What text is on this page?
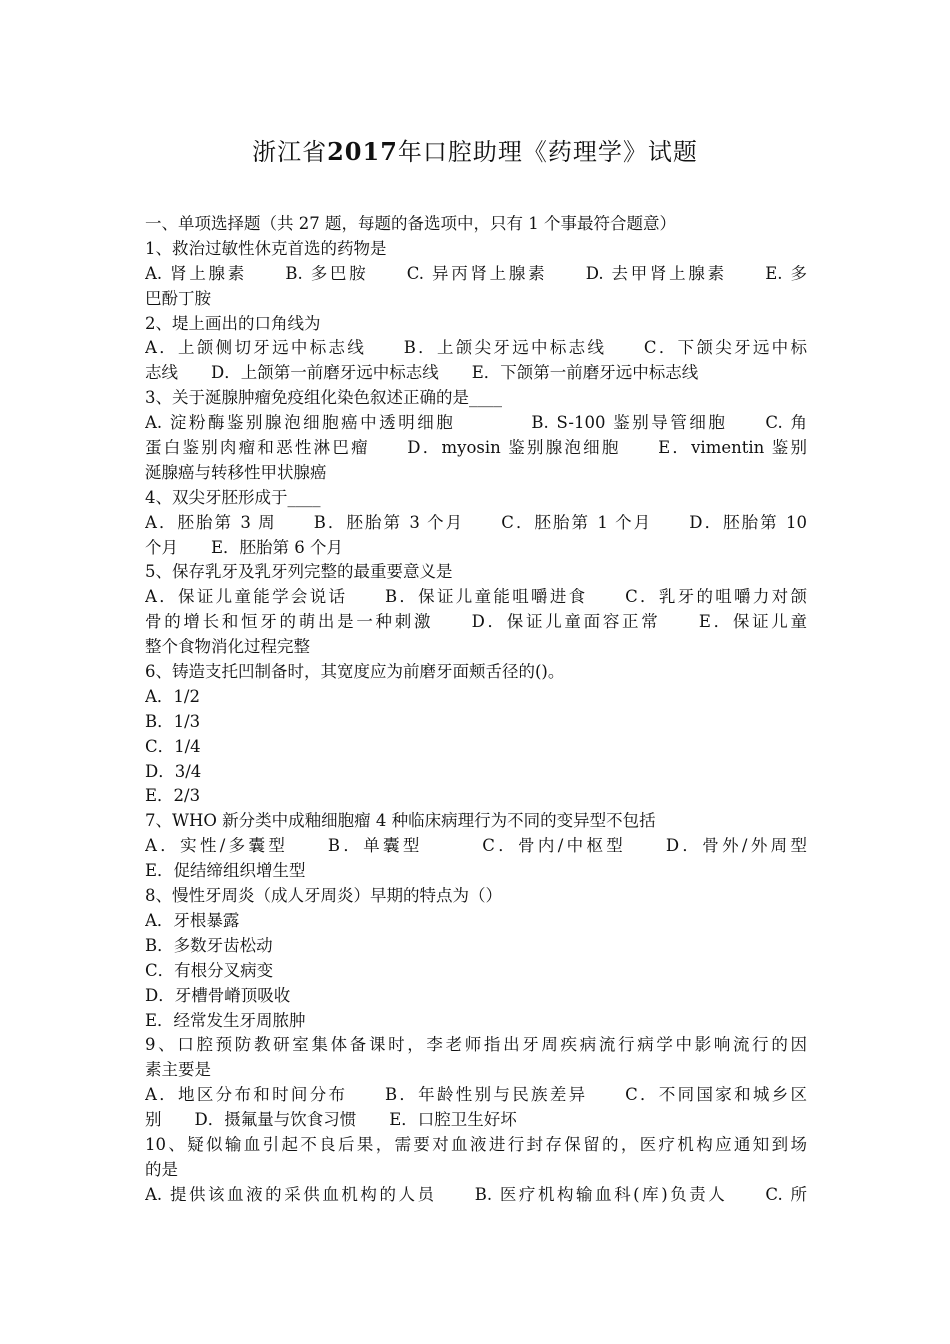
浙江省2017年口腔助理《药理学》试题
一、单项选择题（共 27 题，每题的备选项中，只有 1 个事最符合题意）
1、救治过敏性休克首选的药物是
A. 肾上腺素　　B. 多巴胺　　C. 异丙肾上腺素　　D. 去甲肾上腺素　　E. 多
巴酚丁胺
2、堤上画出的口角线为
A．上颌侧切牙远中标志线　　B．上颌尖牙远中标志线　　C．下颌尖牙远中标
志线　　D．上颌第一前磨牙远中标志线　　E．下颌第一前磨牙远中标志线
3、关于涎腺肿瘤免疫组化染色叙述正确的是____
A. 淀粉酶鉴别腺泡细胞癌中透明细胞　　　　B. S-100 鉴别导管细胞　　C. 角
蛋白鉴别肉瘤和恶性淋巴瘤　　D．myosin 鉴别腺泡细胞　　E．vimentin 鉴别
涎腺癌与转移性甲状腺癌
4、双尖牙胚形成于____
A．胚胎第 3 周　　B．胚胎第 3 个月　　C．胚胎第 1 个月　　D．胚胎第 10
个月　　E．胚胎第 6 个月
5、保存乳牙及乳牙列完整的最重要意义是
A．保证儿童能学会说话　　B．保证儿童能咀嚼进食　　C．乳牙的咀嚼力对颌
骨的增长和恒牙的萌出是一种刺激　　D．保证儿童面容正常　　E．保证儿童
整个食物消化过程完整
6、铸造支托凹制备时，其宽度应为前磨牙面颊舌径的()。
A．1/2
B．1/3
C．1/4
D．3/4
E．2/3
7、WHO 新分类中成釉细胞瘤 4 种临床病理行为不同的变异型不包括
A．实性/多囊型　　B．单囊型　　　C．骨内/中枢型　　D．骨外/外周型
E．促结缔组织增生型
8、慢性牙周炎（成人牙周炎）早期的特点为（）
A．牙根暴露
B．多数牙齿松动
C．有根分叉病变
D．牙槽骨嵴顶吸收
E．经常发生牙周脓肿
9、口腔预防教研室集体备课时，李老师指出牙周疾病流行病学中影响流行的因
素主要是
A．地区分布和时间分布　　B．年龄性别与民族差异　　C．不同国家和城乡区
别　　D．摄氟量与饮食习惯　　E．口腔卫生好坏
10、疑似输血引起不良后果，需要对血液进行封存保留的，医疗机构应通知到场
的是
A. 提供该血液的采供血机构的人员　　B. 医疗机构输血科(库)负责人　　C. 所
